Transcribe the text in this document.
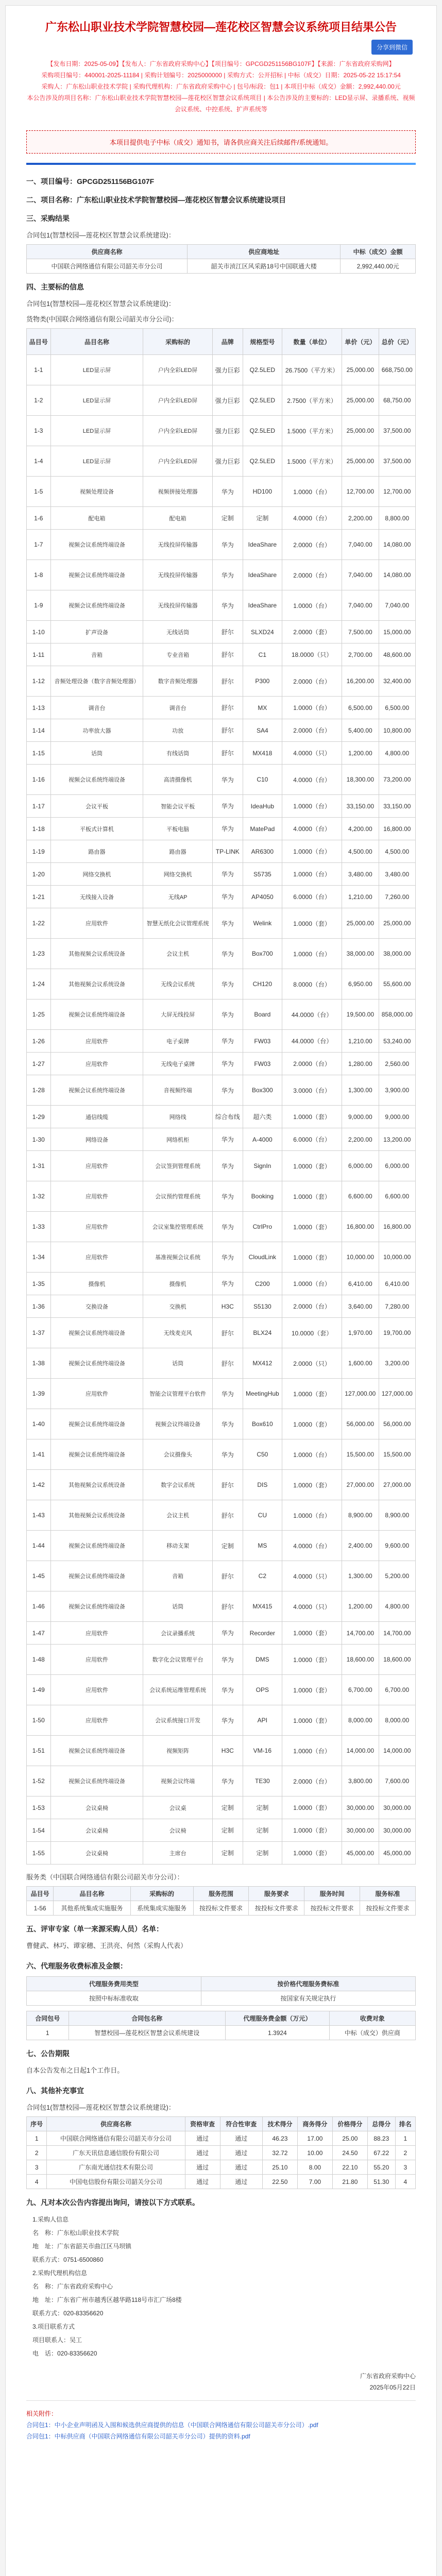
广东松山职业技术学院智慧校园—莲花校区智慧会议系统项目结果公告
分享到微信
【发布日期：2025-05-09】【发布人：广东省政府采购中心】【项目编号：GPCGD251156BG107F】【来源：广东省政府采购网】
采购项目编号：440001-2025-11184 | 采购计划编号：2025000000 | 采购方式：公开招标 | 中标（成交）日期：2025-05-22 15:17:54
采购人：广东松山职业技术学院 | 采购代理机构：广东省政府采购中心 | 包号/标段：包1 | 本项目中标（成交）金额：2,992,440.00元
本公告涉及的项目名称：广东松山职业技术学院智慧校园—莲花校区智慧会议系统项目 | 本公告涉及的主要标的：LED显示屏、录播系统、视频会议系统、中控系统、扩声系统等
本项目提供电子中标（成交）通知书，请各供应商关注后续邮件/系统通知。
一、项目编号：GPCGD251156BG107F
二、项目名称：广东松山职业技术学院智慧校园—莲花校区智慧会议系统建设项目
三、采购结果
合同包1(智慧校园—莲花校区智慧会议系统建设)：
供应商名称	供应商地址	中标（成交）金额
中国联合网络通信有限公司韶关市分公司	韶关市浈江区风采路18号中国联通大楼	2,992,440.00元
四、主要标的信息
合同包1(智慧校园—莲花校区智慧会议系统建设)：
货物类(中国联合网络通信有限公司韶关市分公司)：
品目号	品目名称	采购标的	品牌	规格型号	数量（单位）	单价（元）	总价（元）
1-1	LED显示屏	户内全彩LED屏	强力巨彩	Q2.5LED	26.7500（平方米）	25,000.00	668,750.00
1-2	LED显示屏	户内全彩LED屏	强力巨彩	Q2.5LED	2.7500（平方米）	25,000.00	68,750.00
1-3	LED显示屏	户内全彩LED屏	强力巨彩	Q2.5LED	1.5000（平方米）	25,000.00	37,500.00
1-4	LED显示屏	户内全彩LED屏	强力巨彩	Q2.5LED	1.5000（平方米）	25,000.00	37,500.00
1-5	视频处理设备	视频拼接处理器	华为	HD100	1.0000（台）	12,700.00	12,700.00
1-6	配电箱	配电箱	定制	定制	4.0000（台）	2,200.00	8,800.00
1-7	视频会议系统终端设备	无线投屏传输器	华为	IdeaShare	2.0000（台）	7,040.00	14,080.00
1-8	视频会议系统终端设备	无线投屏传输器	华为	IdeaShare	2.0000（台）	7,040.00	14,080.00
1-9	视频会议系统终端设备	无线投屏传输器	华为	IdeaShare	1.0000（台）	7,040.00	7,040.00
1-10	扩声设备	无线话筒	舒尔	SLXD24	2.0000（套）	7,500.00	15,000.00
1-11	音箱	专业音箱	舒尔	C1	18.0000（只）	2,700.00	48,600.00
1-12	音频处理设备（数字音频处理器）	数字音频处理器	舒尔	P300	2.0000（台）	16,200.00	32,400.00
1-13	调音台	调音台	舒尔	MX	1.0000（台）	6,500.00	6,500.00
1-14	功率放大器	功放	舒尔	SA4	2.0000（台）	5,400.00	10,800.00
1-15	话筒	有线话筒	舒尔	MX418	4.0000（只）	1,200.00	4,800.00
1-16	视频会议系统终端设备	高清摄像机	华为	C10	4.0000（台）	18,300.00	73,200.00
1-17	会议平板	智能会议平板	华为	IdeaHub	1.0000（台）	33,150.00	33,150.00
1-18	平板式计算机	平板电脑	华为	MatePad	4.0000（台）	4,200.00	16,800.00
1-19	路由器	路由器	TP-LINK	AR6300	1.0000（台）	4,500.00	4,500.00
1-20	网络交换机	网络交换机	华为	S5735	1.0000（台）	3,480.00	3,480.00
1-21	无线接入设备	无线AP	华为	AP4050	6.0000（台）	1,210.00	7,260.00
1-22	应用软件	智慧无纸化会议管理系统	华为	Welink	1.0000（套）	25,000.00	25,000.00
1-23	其他视频会议系统设备	会议主机	华为	Box700	1.0000（台）	38,000.00	38,000.00
1-24	其他视频会议系统设备	无线会议系统	华为	CH120	8.0000（台）	6,950.00	55,600.00
1-25	视频会议系统终端设备	大屏无线投屏	华为	Board	44.0000（台）	19,500.00	858,000.00
1-26	应用软件	电子桌牌	华为	FW03	44.0000（台）	1,210.00	53,240.00
1-27	应用软件	无线电子桌牌	华为	FW03	2.0000（台）	1,280.00	2,560.00
1-28	视频会议系统终端设备	音视频终端	华为	Box300	3.0000（台）	1,300.00	3,900.00
1-29	通信线缆	网络线	综合布线	超六类	1.0000（套）	9,000.00	9,000.00
1-30	网络设备	网络机柜	华为	A-4000	6.0000（台）	2,200.00	13,200.00
1-31	应用软件	会议签到管理系统	华为	SignIn	1.0000（套）	6,000.00	6,000.00
1-32	应用软件	会议预约管理系统	华为	Booking	1.0000（套）	6,600.00	6,600.00
1-33	应用软件	会议室集控管理系统	华为	CtrlPro	1.0000（套）	16,800.00	16,800.00
1-34	应用软件	基准视频会议系统	华为	CloudLink	1.0000（套）	10,000.00	10,000.00
1-35	摄像机	摄像机	华为	C200	1.0000（台）	6,410.00	6,410.00
1-36	交换设备	交换机	H3C	S5130	2.0000（台）	3,640.00	7,280.00
1-37	视频会议系统终端设备	无线麦克风	舒尔	BLX24	10.0000（套）	1,970.00	19,700.00
1-38	视频会议系统终端设备	话筒	舒尔	MX412	2.0000（只）	1,600.00	3,200.00
1-39	应用软件	智能会议管理平台软件	华为	MeetingHub	1.0000（套）	127,000.00	127,000.00
1-40	视频会议系统终端设备	视频会议终端设备	华为	Box610	1.0000（套）	56,000.00	56,000.00
1-41	视频会议系统终端设备	会议摄像头	华为	C50	1.0000（台）	15,500.00	15,500.00
1-42	其他视频会议系统设备	数字会议系统	舒尔	DIS	1.0000（套）	27,000.00	27,000.00
1-43	其他视频会议系统设备	会议主机	舒尔	CU	1.0000（台）	8,900.00	8,900.00
1-44	视频会议系统终端设备	移动支架	定制	MS	4.0000（台）	2,400.00	9,600.00
1-45	视频会议系统终端设备	音箱	舒尔	C2	4.0000（只）	1,300.00	5,200.00
1-46	视频会议系统终端设备	话筒	舒尔	MX415	4.0000（只）	1,200.00	4,800.00
1-47	应用软件	会议录播系统	华为	Recorder	1.0000（套）	14,700.00	14,700.00
1-48	应用软件	数字化会议管理平台	华为	DMS	1.0000（套）	18,600.00	18,600.00
1-49	应用软件	会议系统运维管理系统	华为	OPS	1.0000（套）	6,700.00	6,700.00
1-50	应用软件	会议系统接口开发	华为	API	1.0000（套）	8,000.00	8,000.00
1-51	视频会议系统终端设备	视频矩阵	H3C	VM-16	1.0000（台）	14,000.00	14,000.00
1-52	视频会议系统终端设备	视频会议终端	华为	TE30	2.0000（台）	3,800.00	7,600.00
1-53	会议桌椅	会议桌	定制	定制	1.0000（套）	30,000.00	30,000.00
1-54	会议桌椅	会议椅	定制	定制	1.0000（套）	30,000.00	30,000.00
1-55	会议桌椅	主席台	定制	定制	1.0000（套）	45,000.00	45,000.00
服务类（中国联合网络通信有限公司韶关市分公司）：
品目号	品目名称	采购标的	服务范围	服务要求	服务时间	服务标准
1-56	其他系统集成实施服务	系统集成实施服务	按投标文件要求	按投标文件要求	按投标文件要求	按投标文件要求
五、评审专家（单一来源采购人员）名单：
曹健武、林巧、谭家穗、王洪亮、何然（采购人代表）
六、代理服务收费标准及金额：
代理服务费用类型	按价格代理服务费标准
按照中标标准收取	按国家有关规定执行
合同包号	合同包名称	代理服务费金额（万元）	收费对象
1	智慧校园—莲花校区智慧会议系统建设	1.3924	中标（成交）供应商
七、公告期限
自本公告发布之日起1个工作日。
八、其他补充事宜
合同包1(智慧校园—莲花校区智慧会议系统建设)：
序号	供应商名称	资格审查	符合性审查	技术得分	商务得分	价格得分	总得分	排名
1	中国联合网络通信有限公司韶关市分公司	通过	通过	46.23	17.00	25.00	88.23	1
2	广东天讯信息通信股份有限公司	通过	通过	32.72	10.00	24.50	67.22	2
3	广东南光通信技术有限公司	通过	通过	25.10	8.00	22.10	55.20	3
4	中国电信股份有限公司韶关分公司	通过	通过	22.50	7.00	21.80	51.30	4
九、凡对本次公告内容提出询问，请按以下方式联系。
1.采购人信息
名　称：广东松山职业技术学院
地　址：广东省韶关市曲江区马坝镇
联系方式：0751-6500860
2.采购代理机构信息
名　称：广东省政府采购中心
地　址：广东省广州市越秀区越华路118号市汇广场8楼
联系方式：020-83356620
3.项目联系方式
项目联系人：吴工
电　话：020-83356620
广东省政府采购中心
2025年05月22日
相关附件：
合同包1：中小企业声明函及入围和候选供应商提供的信息（中国联合网络通信有限公司韶关市分公司）.pdf
合同包1：中标供应商（中国联合网络通信有限公司韶关市分公司）提供的资料.pdf
